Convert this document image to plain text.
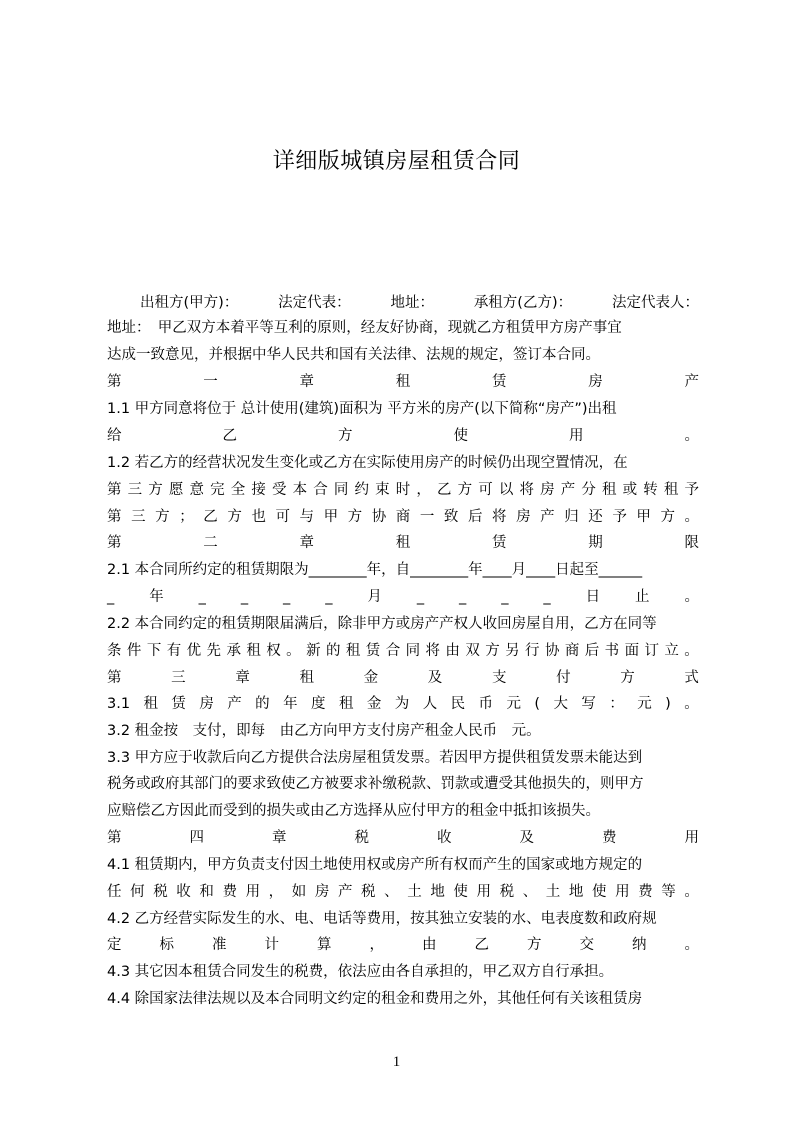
详细版城镇房屋租赁合同
出租方(甲方)：	法定代表：	地址：	承租方(乙方)：	法定代表人：
地址：　甲乙双方本着平等互利的原则，经友好协商，现就乙方租赁甲方房产事宜
达成一致意见，并根据中华人民共和国有关法律、法规的规定，签订本合同。
第	一	章	租	赁	房	产
1.1 甲方同意将位于 总计使用(建筑)面积为 平方米的房产(以下简称“房产”)出租
给	乙	方	使	用	。
1.2 若乙方的经营状况发生变化或乙方在实际使用房产的时候仍出现空置情况，在
第 三 方 愿 意 完 全 接 受 本 合 同 约 束 时 ， 乙 方 可 以 将 房 产 分 租 或 转 租 予
第 三 方 ； 乙 方 也 可 与 甲 方 协 商 一 致 后 将 房 产 归 还 予 甲 方 。
第	二	章	租	赁	期	限
2.1 本合同所约定的租赁期限为________年，自________年____月____日起至______
_ 年 _ _ _ _ 月 _ _ _ _ 日 止 。
2.2 本合同约定的租赁期限届满后，除非甲方或房产产权人收回房屋自用，乙方在同等
条 件 下 有 优 先 承 租 权 。 新 的 租 赁 合 同 将 由 双 方 另 行 协 商 后 书 面 订 立 。
第	三	章	租	金	及	支	付	方	式
3.1 租 赁 房 产 的 年 度 租 金 为 人 民 币 元 ( 大 写 ： 元 ) 。
3.2 租金按　支付，即每　由乙方向甲方支付房产租金人民币　元。
3.3 甲方应于收款后向乙方提供合法房屋租赁发票。若因甲方提供租赁发票未能达到
税务或政府其部门的要求致使乙方被要求补缴税款、罚款或遭受其他损失的，则甲方
应赔偿乙方因此而受到的损失或由乙方选择从应付甲方的租金中抵扣该损失。
第	四	章	税	收	及	费	用
4.1 租赁期内，甲方负责支付因土地使用权或房产所有权而产生的国家或地方规定的
任 何 税 收 和 费 用 ， 如 房 产 税 、 土 地 使 用 税 、 土 地 使 用 费 等 。
4.2 乙方经营实际发生的水、电、电话等费用，按其独立安装的水、电表度数和政府规
定	标	准	计	算	，	由	乙	方	交	纳	。
4.3 其它因本租赁合同发生的税费，依法应由各自承担的，甲乙双方自行承担。
4.4 除国家法律法规以及本合同明文约定的租金和费用之外，其他任何有关该租赁房
1
